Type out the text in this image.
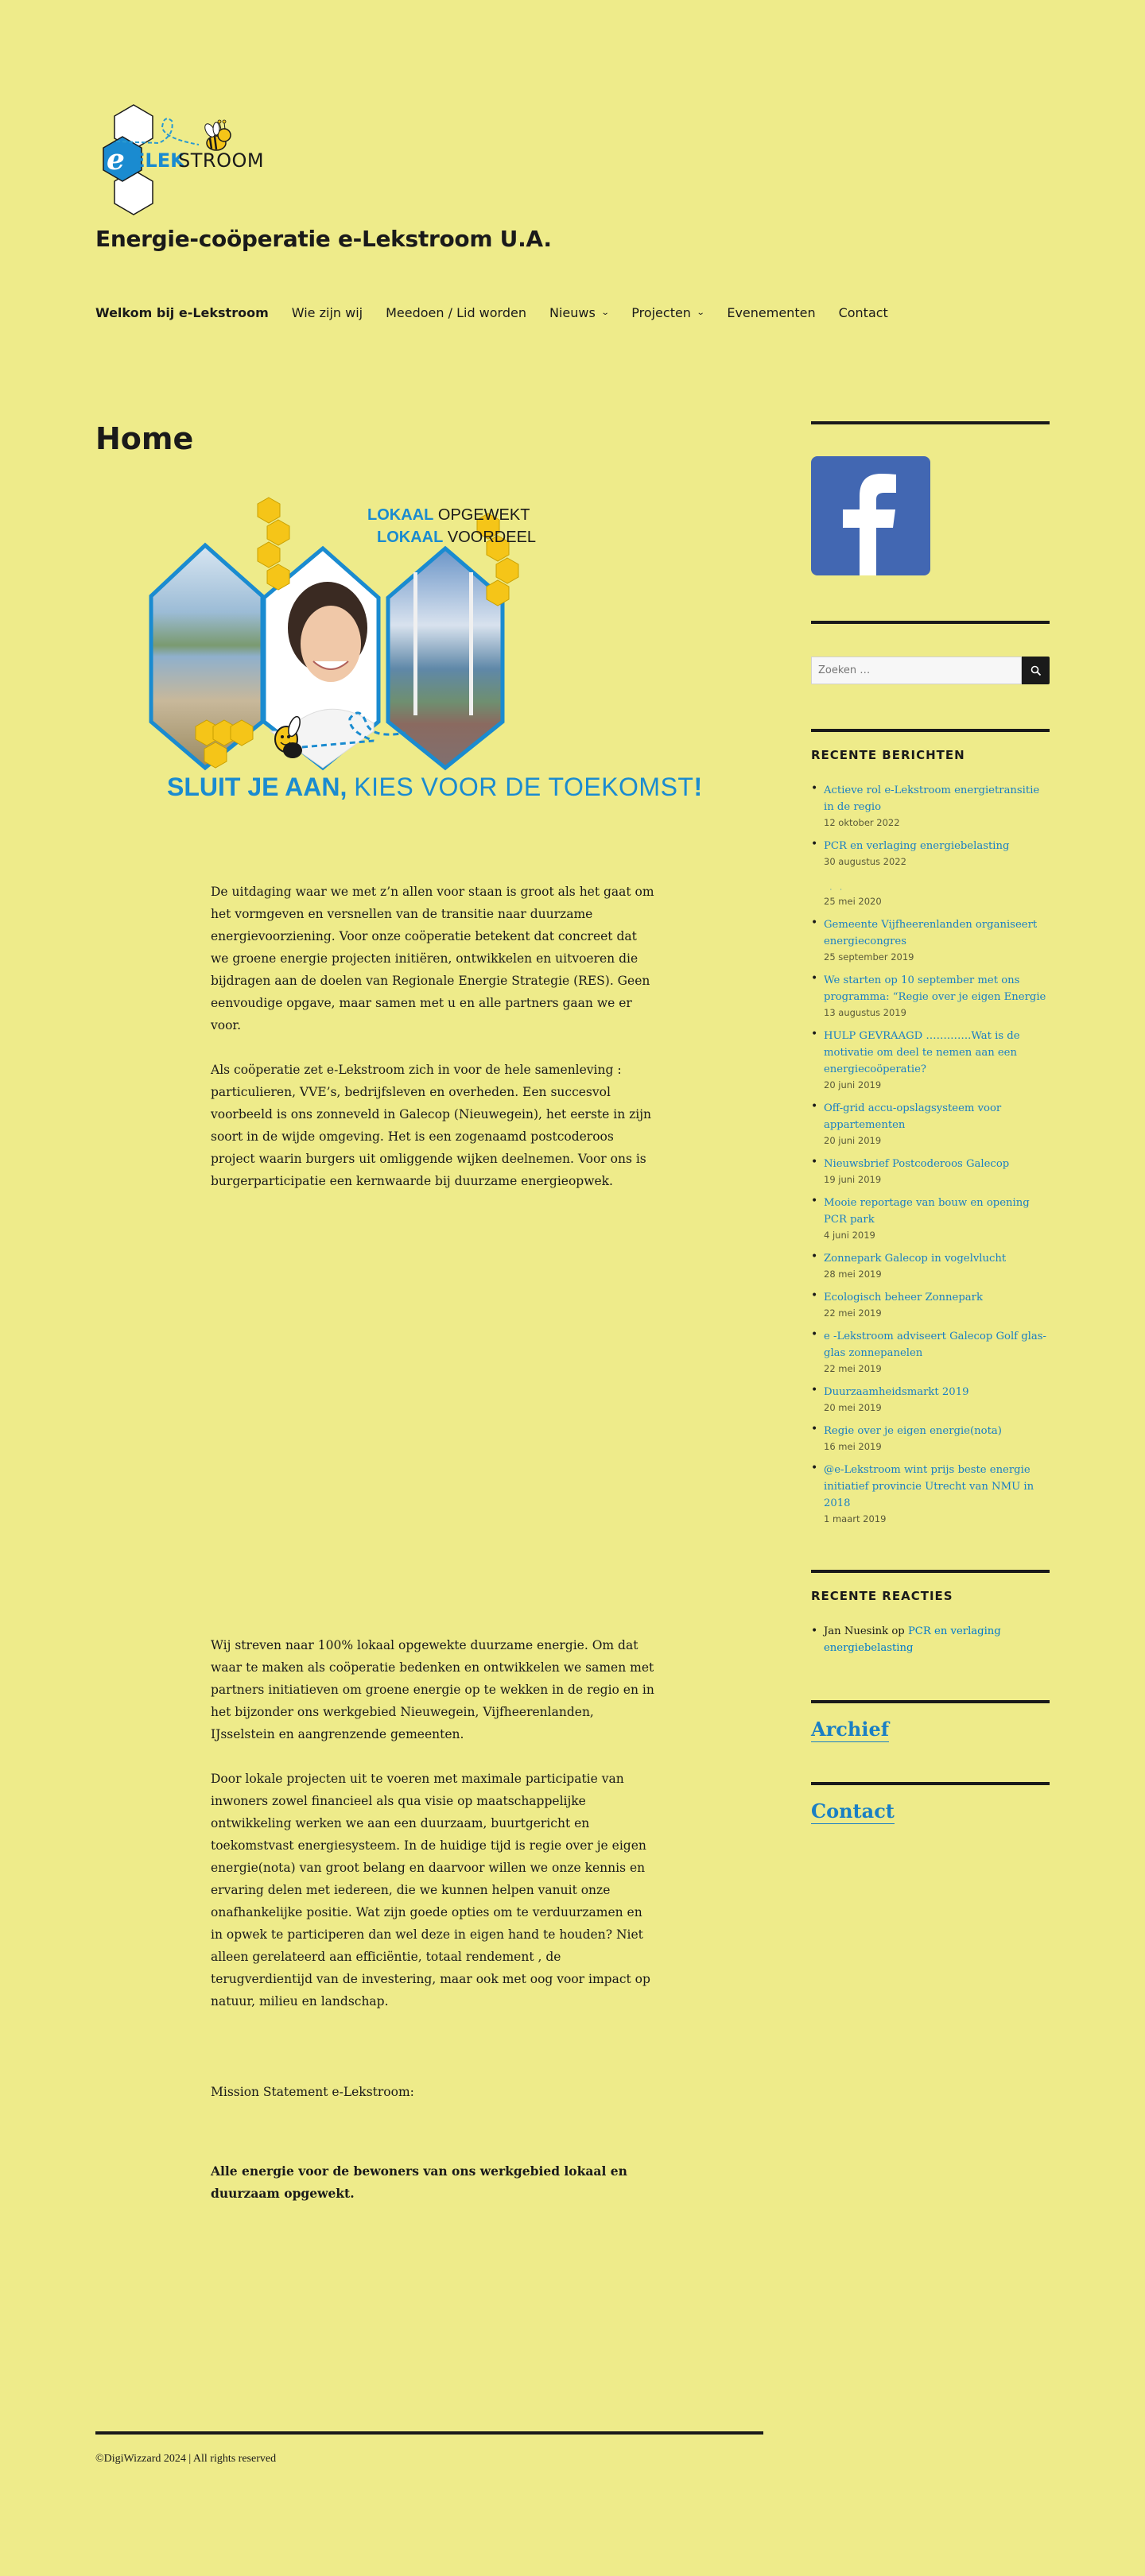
e ELEK
STROOM
Energie-coöperatie e-Lekstroom U.A.
Welkom bij e-Lekstroom Wie zijn wij Meedoen / Lid worden Nieuws ⌄ Projecten ⌄ Evenementen Contact
Home
LOKAAL OPGEWEKT
LOKAAL VOORDEEL
SLUIT JE AAN, KIES VOOR DE TOEKOMST!

De uitdaging waar we met z’n allen voor staan is groot als het gaat om het vormgeven en versnellen van de transitie naar duurzame energievoorziening. Voor onze coöperatie betekent dat concreet dat we groene energie projecten initiëren, ontwikkelen en uitvoeren die bijdragen aan de doelen van Regionale Energie Strategie (RES). Geen eenvoudige opgave, maar samen met u en alle partners gaan we er voor.

Als coöperatie zet e-Lekstroom zich in voor de hele samenleving : particulieren, VVE’s, bedrijfsleven en overheden. Een succesvol voorbeeld is ons zonneveld in Galecop (Nieuwegein), het eerste in zijn soort in de wijde omgeving. Het is een zogenaamd postcoderoos project waarin burgers uit omliggende wijken deelnemen. Voor ons is burgerparticipatie een kernwaarde bij duurzame energieopwek.

Wij streven naar 100% lokaal opgewekte duurzame energie. Om dat waar te maken als coöperatie bedenken en ontwikkelen we samen met partners initiatieven om groene energie op te wekken in de regio en in het bijzonder ons werkgebied Nieuwegein, Vijfheerenlanden, IJsselstein en aangrenzende gemeenten.

Door lokale projecten uit te voeren met maximale participatie van inwoners zowel financieel als qua visie op maatschappelijke ontwikkeling werken we aan een duurzaam, buurtgericht en toekomstvast energiesysteem. In de huidige tijd is regie over je eigen energie(nota) van groot belang en daarvoor willen we onze kennis en ervaring delen met iedereen, die we kunnen helpen vanuit onze onafhankelijke positie. Wat zijn goede opties om te verduurzamen en in opwek te participeren dan wel deze in eigen hand te houden? Niet alleen gerelateerd aan efficiëntie, totaal rendement , de terugverdientijd van de investering, maar ook met oog voor impact op natuur, milieu en landschap.

Mission Statement e-Lekstroom:

Alle energie voor de bewoners van ons werkgebied lokaal en duurzaam opgewekt.

Zoeken …
RECENTE BERICHTEN
• Actieve rol e-Lekstroom energietransitie in de regio
12 oktober 2022
• PCR en verlaging energiebelasting
30 augustus 2022
·    ·
25 mei 2020
• Gemeente Vijfheerenlanden organiseert energiecongres
25 september 2019
• We starten op 10 september met ons programma: “Regie over je eigen Energie
13 augustus 2019
• HULP GEVRAAGD ………….Wat is de motivatie om deel te nemen aan een energiecoöperatie?
20 juni 2019
• Off-grid accu-opslagsysteem voor appartementen
20 juni 2019
• Nieuwsbrief Postcoderoos Galecop
19 juni 2019
• Mooie reportage van bouw en opening PCR park
4 juni 2019
• Zonnepark Galecop in vogelvlucht
28 mei 2019
• Ecologisch beheer Zonnepark
22 mei 2019
• e -Lekstroom adviseert Galecop Golf glas-glas zonnepanelen
22 mei 2019
• Duurzaamheidsmarkt 2019
20 mei 2019
• Regie over je eigen energie(nota)
16 mei 2019
• @e-Lekstroom wint prijs beste energie initiatief provincie Utrecht van NMU in 2018
1 maart 2019
RECENTE REACTIES
• Jan Nuesink op PCR en verlaging energiebelasting
Archief
Contact
©DigiWizzard 2024 | All rights reserved
